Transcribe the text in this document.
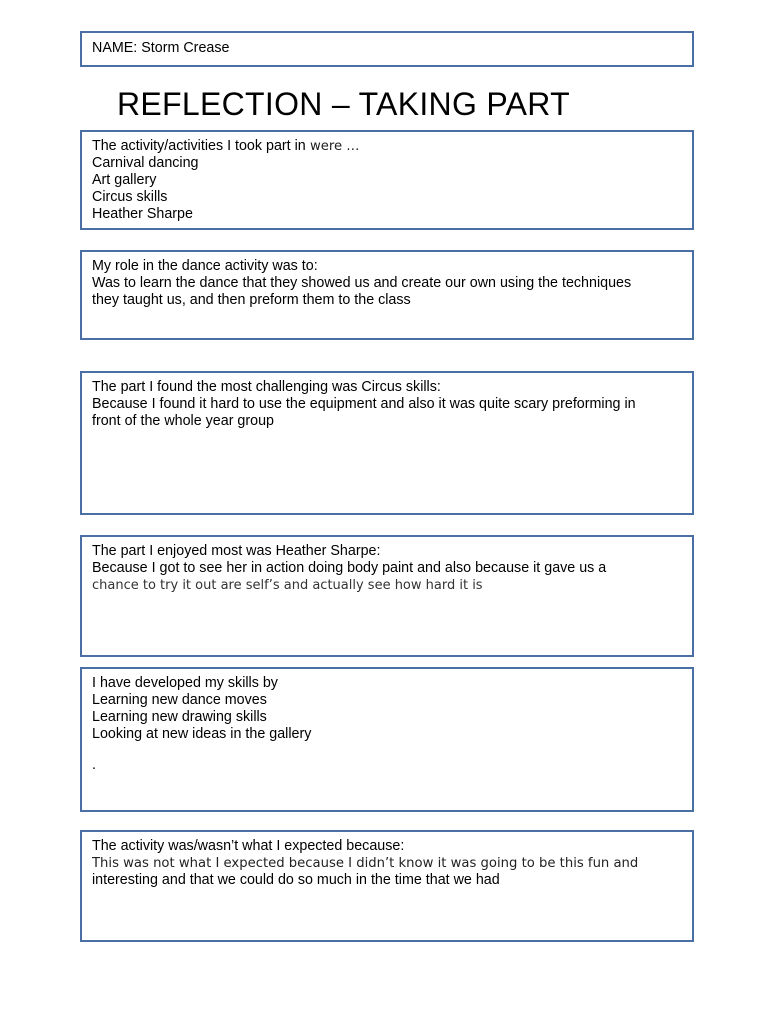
NAME: Storm Crease
REFLECTION – TAKING PART
The activity/activities I took part in were …
Carnival dancing
Art gallery
Circus skills
Heather Sharpe
My role in the dance activity was to:
Was to learn the dance that they showed us and create our own using the techniques
they taught us, and then preform them to the class
The part I found the most challenging was Circus skills:
Because I found it hard to use the equipment and also it was quite scary preforming in
front of the whole year group
The part I enjoyed most was Heather Sharpe:
Because I got to see her in action doing body paint and also because it gave us a
chance to try it out are self’s and actually see how hard it is
I have developed my skills by
Learning new dance moves
Learning new drawing skills
Looking at new ideas in the gallery
.
The activity was/wasn’t what I expected because:
This was not what I expected because I didn’t know it was going to be this fun and
interesting and that we could do so much in the time that we had
